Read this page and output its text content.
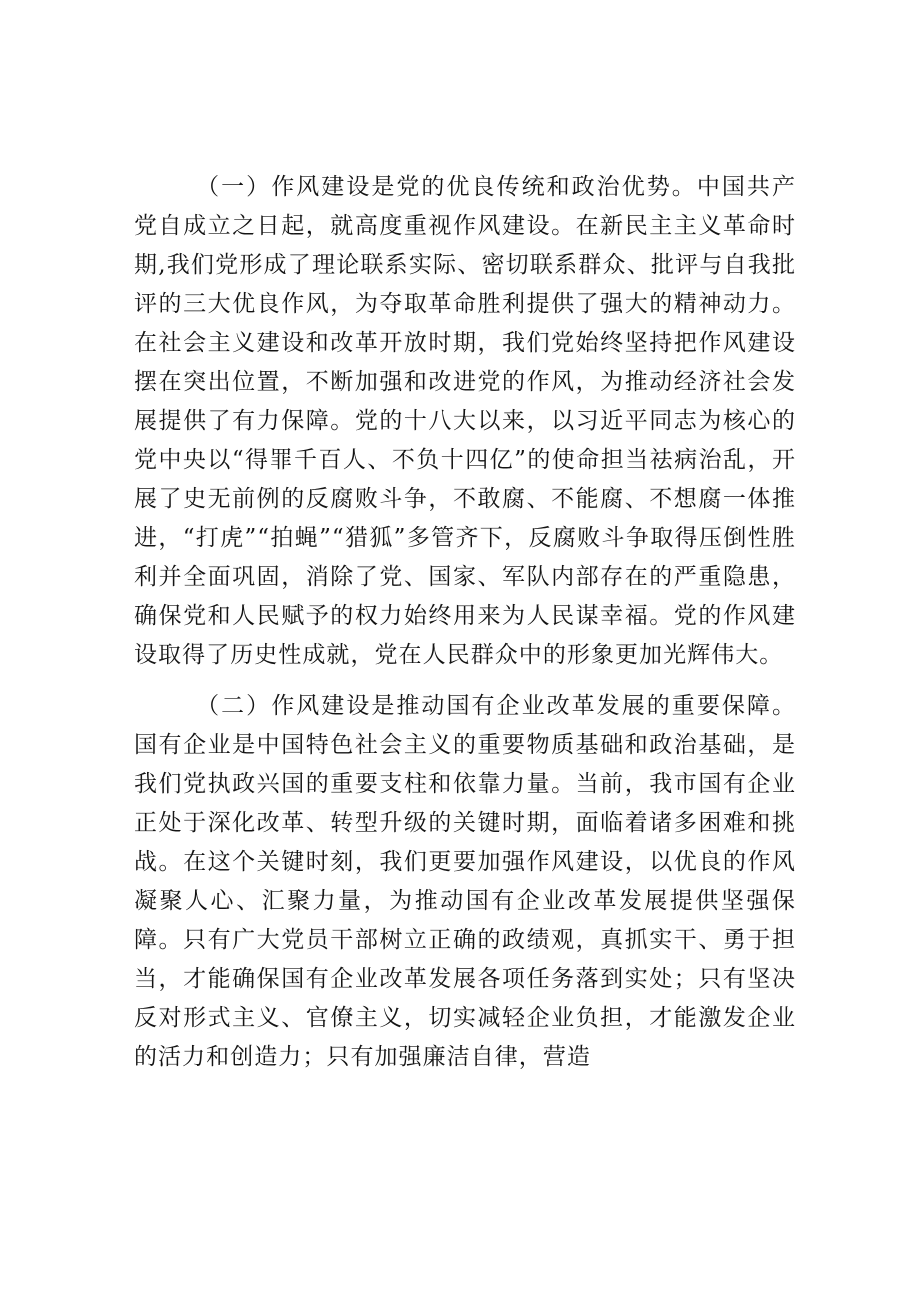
（一）作风建设是党的优良传统和政治优势。中国共产党自成立之日起，就高度重视作风建设。在新民主主义革命时期,我们党形成了理论联系实际、密切联系群众、批评与自我批评的三大优良作风，为夺取革命胜利提供了强大的精神动力。在社会主义建设和改革开放时期，我们党始终坚持把作风建设摆在突出位置，不断加强和改进党的作风，为推动经济社会发展提供了有力保障。党的十八大以来，以习近平同志为核心的党中央以“得罪千百人、不负十四亿”的使命担当祛病治乱，开展了史无前例的反腐败斗争，不敢腐、不能腐、不想腐一体推进，“打虎”“拍蝇”“猎狐”多管齐下，反腐败斗争取得压倒性胜利并全面巩固，消除了党、国家、军队内部存在的严重隐患，确保党和人民赋予的权力始终用来为人民谋幸福。党的作风建设取得了历史性成就，党在人民群众中的形象更加光辉伟大。

（二）作风建设是推动国有企业改革发展的重要保障。国有企业是中国特色社会主义的重要物质基础和政治基础，是我们党执政兴国的重要支柱和依靠力量。当前，我市国有企业正处于深化改革、转型升级的关键时期，面临着诸多困难和挑战。在这个关键时刻，我们更要加强作风建设，以优良的作风凝聚人心、汇聚力量，为推动国有企业改革发展提供坚强保障。只有广大党员干部树立正确的政绩观，真抓实干、勇于担当，才能确保国有企业改革发展各项任务落到实处；只有坚决反对形式主义、官僚主义，切实减轻企业负担，才能激发企业的活力和创造力；只有加强廉洁自律，营造
